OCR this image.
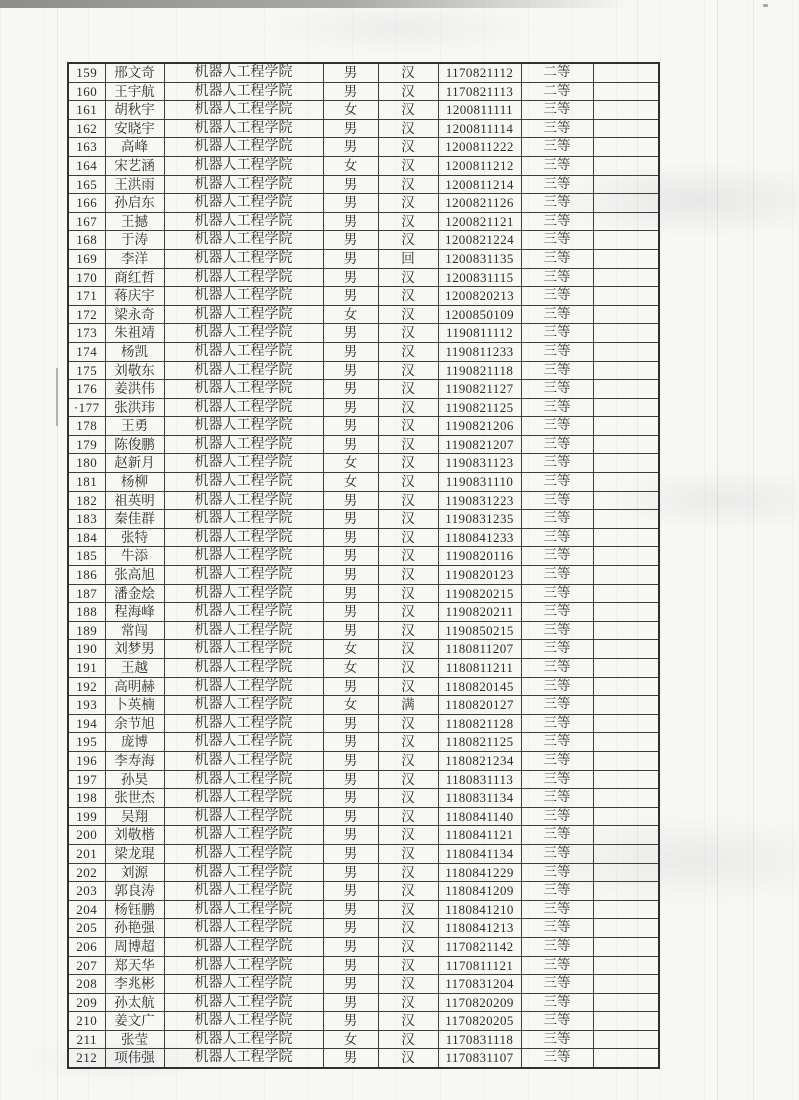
159	邢文奇	机器人工程学院	男	汉	1170821112	二等	
160	王宇航	机器人工程学院	男	汉	1170821113	二等	
161	胡秋宇	机器人工程学院	女	汉	1200811111	三等	
162	安晓宇	机器人工程学院	男	汉	1200811114	三等	
163	高峰	机器人工程学院	男	汉	1200811222	三等	
164	宋艺涵	机器人工程学院	女	汉	1200811212	三等	
165	王洪雨	机器人工程学院	男	汉	1200811214	三等	
166	孙启东	机器人工程学院	男	汉	1200821126	三等	
167	王撼	机器人工程学院	男	汉	1200821121	三等	
168	于涛	机器人工程学院	男	汉	1200821224	三等	
169	李洋	机器人工程学院	男	回	1200831135	三等	
170	商红哲	机器人工程学院	男	汉	1200831115	三等	
171	蒋庆宇	机器人工程学院	男	汉	1200820213	三等	
172	梁永奇	机器人工程学院	女	汉	1200850109	三等	
173	朱祖靖	机器人工程学院	男	汉	1190811112	三等	
174	杨凯	机器人工程学院	男	汉	1190811233	三等	
175	刘敬东	机器人工程学院	男	汉	1190821118	三等	
176	姜洪伟	机器人工程学院	男	汉	1190821127	三等	
·177	张洪玮	机器人工程学院	男	汉	1190821125	三等	
178	王勇	机器人工程学院	男	汉	1190821206	三等	
179	陈俊鹏	机器人工程学院	男	汉	1190821207	三等	
180	赵新月	机器人工程学院	女	汉	1190831123	三等	
181	杨柳	机器人工程学院	女	汉	1190831110	三等	
182	祖英明	机器人工程学院	男	汉	1190831223	三等	
183	秦佳群	机器人工程学院	男	汉	1190831235	三等	
184	张特	机器人工程学院	男	汉	1180841233	三等	
185	牛添	机器人工程学院	男	汉	1190820116	三等	
186	张高旭	机器人工程学院	男	汉	1190820123	三等	
187	潘金烩	机器人工程学院	男	汉	1190820215	三等	
188	程海峰	机器人工程学院	男	汉	1190820211	三等	
189	常闯	机器人工程学院	男	汉	1190850215	三等	
190	刘梦男	机器人工程学院	女	汉	1180811207	三等	
191	王越	机器人工程学院	女	汉	1180811211	三等	
192	高明赫	机器人工程学院	男	汉	1180820145	三等	
193	卜英楠	机器人工程学院	女	满	1180820127	三等	
194	余节旭	机器人工程学院	男	汉	1180821128	三等	
195	庞博	机器人工程学院	男	汉	1180821125	三等	
196	李寿海	机器人工程学院	男	汉	1180821234	三等	
197	孙昊	机器人工程学院	男	汉	1180831113	三等	
198	张世杰	机器人工程学院	男	汉	1180831134	三等	
199	吴翔	机器人工程学院	男	汉	1180841140	三等	
200	刘敬楷	机器人工程学院	男	汉	1180841121	三等	
201	梁龙琨	机器人工程学院	男	汉	1180841134	三等	
202	刘源	机器人工程学院	男	汉	1180841229	三等	
203	郭良涛	机器人工程学院	男	汉	1180841209	三等	
204	杨钰鹏	机器人工程学院	男	汉	1180841210	三等	
205	孙艳强	机器人工程学院	男	汉	1180841213	三等	
206	周博超	机器人工程学院	男	汉	1170821142	三等	
207	郑天华	机器人工程学院	男	汉	1170811121	三等	
208	李兆彬	机器人工程学院	男	汉	1170831204	三等	
209	孙太航	机器人工程学院	男	汉	1170820209	三等	
210	姜文广	机器人工程学院	男	汉	1170820205	三等	
211	张莹	机器人工程学院	女	汉	1170831118	三等	
212	项伟强	机器人工程学院	男	汉	1170831107	三等	
